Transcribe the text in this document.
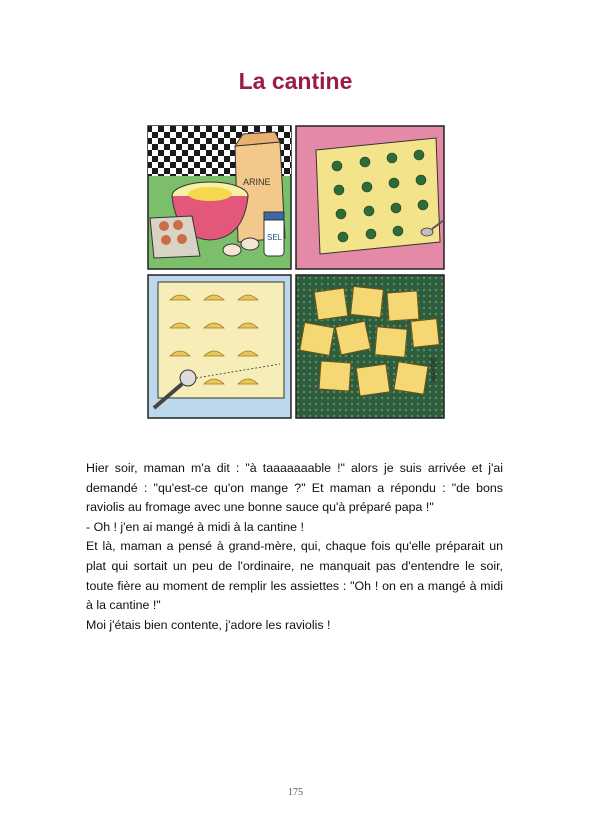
La cantine
ARINE
SEL
MAYDÉ

Hier soir, maman m'a dit : "à taaaaaaable !" alors je suis arrivée et j'ai demandé : "qu'est-ce qu'on mange ?" Et maman a répondu : "de bons raviolis au fromage avec une bonne sauce qu'à préparé papa !"

- Oh ! j'en ai mangé à midi à la cantine !

Et là, maman a pensé à grand-mère, qui, chaque fois qu'elle préparait un plat qui sortait un peu de l'ordinaire, ne manquait pas d'entendre le soir, toute fière au moment de remplir les assiettes : "Oh ! on en a mangé à midi à la cantine !"

Moi j'étais bien contente, j'adore les raviolis !

175
